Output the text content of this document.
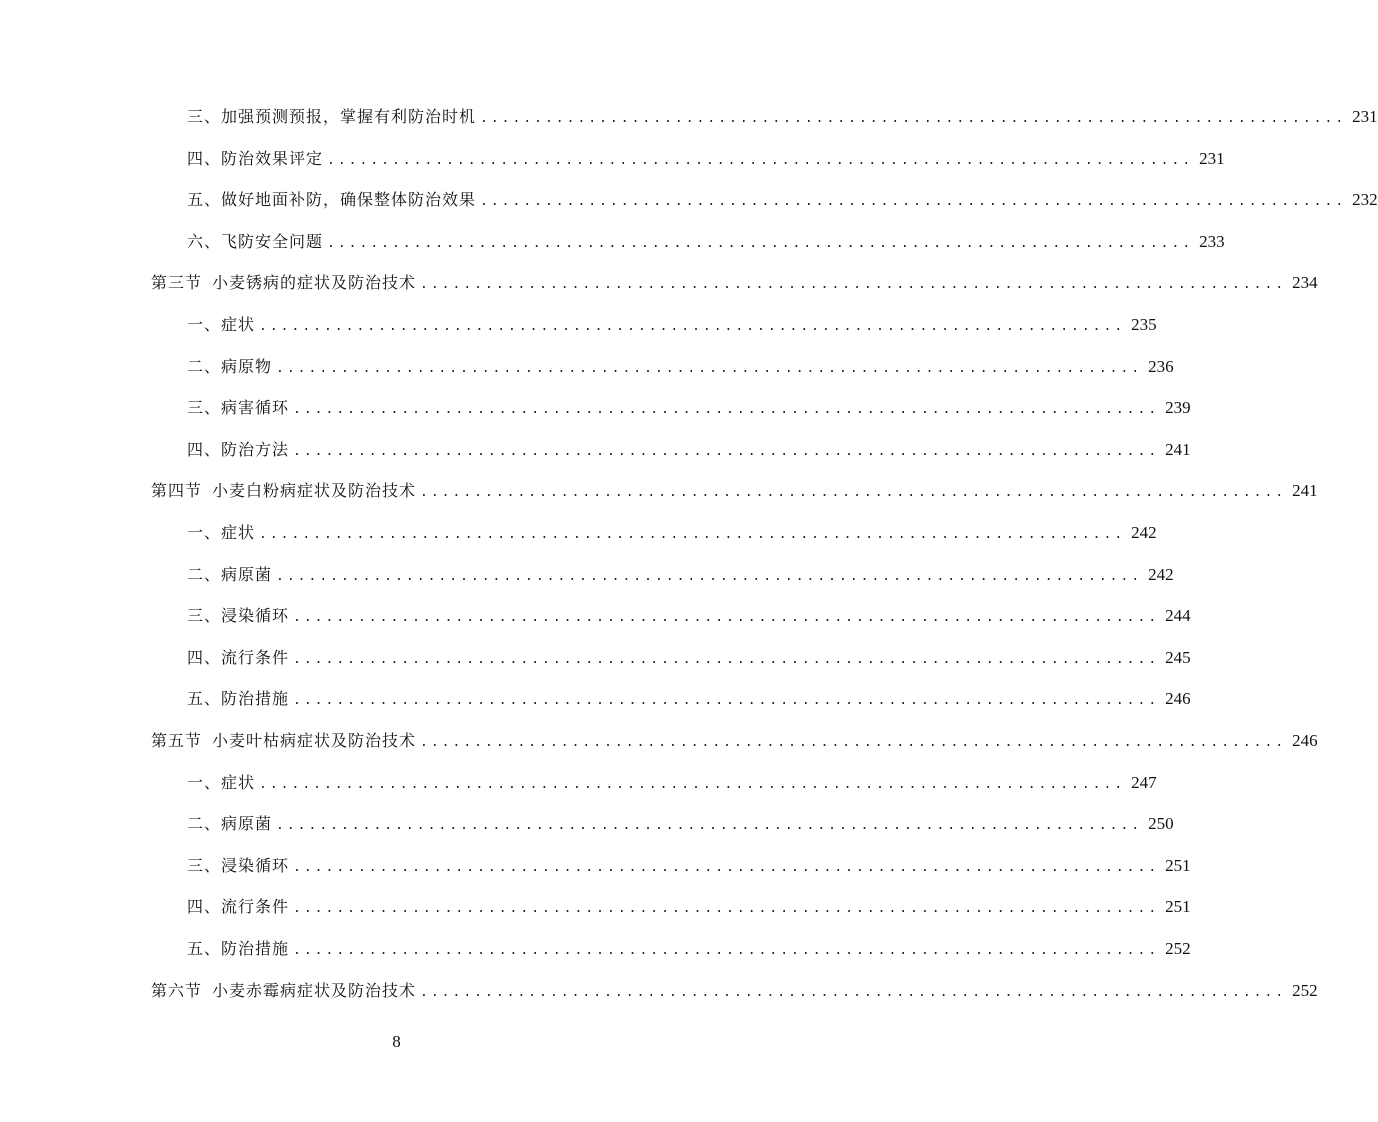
三、加强预测预报，掌握有利防治时机 ................................................................................ 231
四、防治效果评定 ................................................................................ 231
五、做好地面补防，确保整体防治效果 ................................................................................ 232
六、飞防安全问题 ................................................................................ 233
第三节 小麦锈病的症状及防治技术 ................................................................................ 234
一、症状 ................................................................................ 235
二、病原物 ................................................................................ 236
三、病害循环 ................................................................................ 239
四、防治方法 ................................................................................ 241
第四节 小麦白粉病症状及防治技术 ................................................................................ 241
一、症状 ................................................................................ 242
二、病原菌 ................................................................................ 242
三、浸染循环 ................................................................................ 244
四、流行条件 ................................................................................ 245
五、防治措施 ................................................................................ 246
第五节 小麦叶枯病症状及防治技术 ................................................................................ 246
一、症状 ................................................................................ 247
二、病原菌 ................................................................................ 250
三、浸染循环 ................................................................................ 251
四、流行条件 ................................................................................ 251
五、防治措施 ................................................................................ 252
第六节 小麦赤霉病症状及防治技术 ................................................................................ 252
8
